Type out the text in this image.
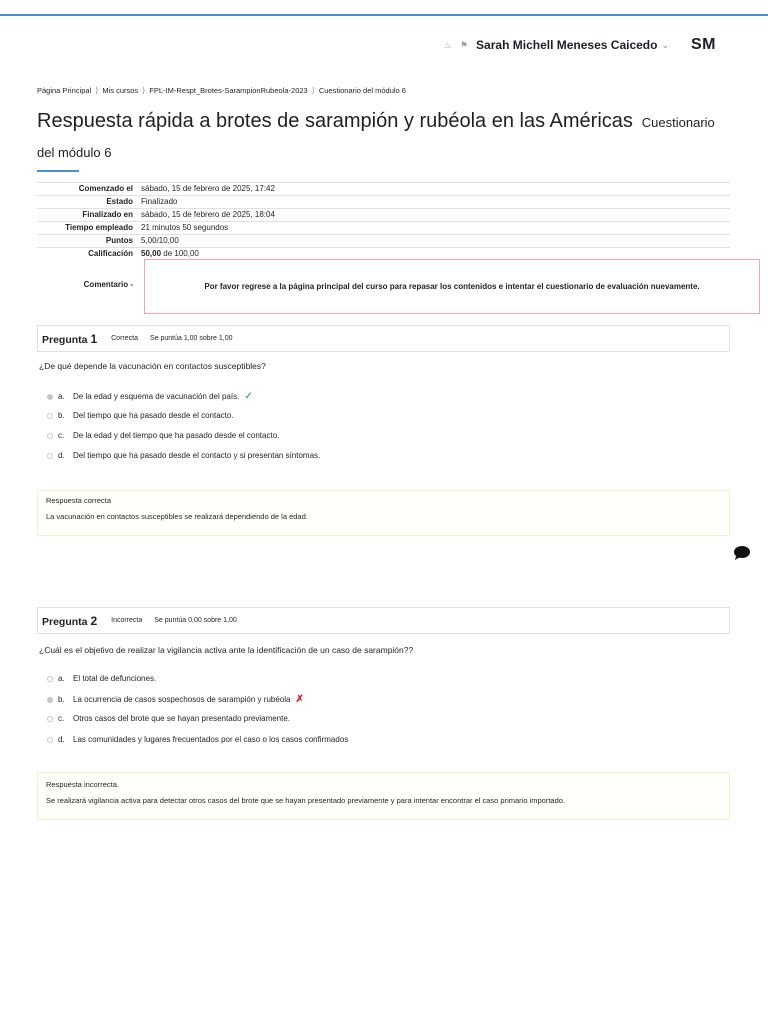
♨ ⚑ Sarah Michell Meneses Caicedo ⌄ SM
Página Principal ⟩ Mis cursos ⟩ FPL-IM-Respt_Brotes-SarampionRubeola-2023 ⟩ Cuestionario del módulo 6
Respuesta rápida a brotes de sarampión y rubéola en las Américas Cuestionario del módulo 6
Comenzado el	sábado, 15 de febrero de 2025, 17:42
Estado	Finalizado
Finalizado en	sábado, 15 de febrero de 2025, 18:04
Tiempo empleado	21 minutos 50 segundos
Puntos	5,00/10,00
Calificación	50,00 de 100,00
Comentario -	Por favor regrese a la página principal del curso para repasar los contenidos e intentar el cuestionario de evaluación nuevamente.
Pregunta 1 Correcta Se puntúa 1,00 sobre 1,00
¿De qué depende la vacunación en contactos susceptibles?
a.	De la edad y esquema de vacunación del país. ✓
b.	Del tiempo que ha pasado desde el contacto.
c.	De la edad y del tiempo que ha pasado desde el contacto.
d.	Del tiempo que ha pasado desde el contacto y si presentan síntomas.
Respuesta correcta
La vacunación en contactos susceptibles se realizará dependiendo de la edad.
Pregunta 2 Incorrecta Se puntúa 0,00 sobre 1,00
¿Cuál es el objetivo de realizar la vigilancia activa ante la identificación de un caso de sarampión??
a.	El total de defunciones.
b.	La ocurrencia de casos sospechosos de sarampión y rubéola ✗
c.	Otros casos del brote que se hayan presentado previamente.
d.	Las comunidades y lugares frecuentados por el caso o los casos confirmados
Respuesta incorrecta.
Se realizará vigilancia activa para detectar otros casos del brote que se hayan presentado previamente y para intentar encontrar el caso primario importado.
